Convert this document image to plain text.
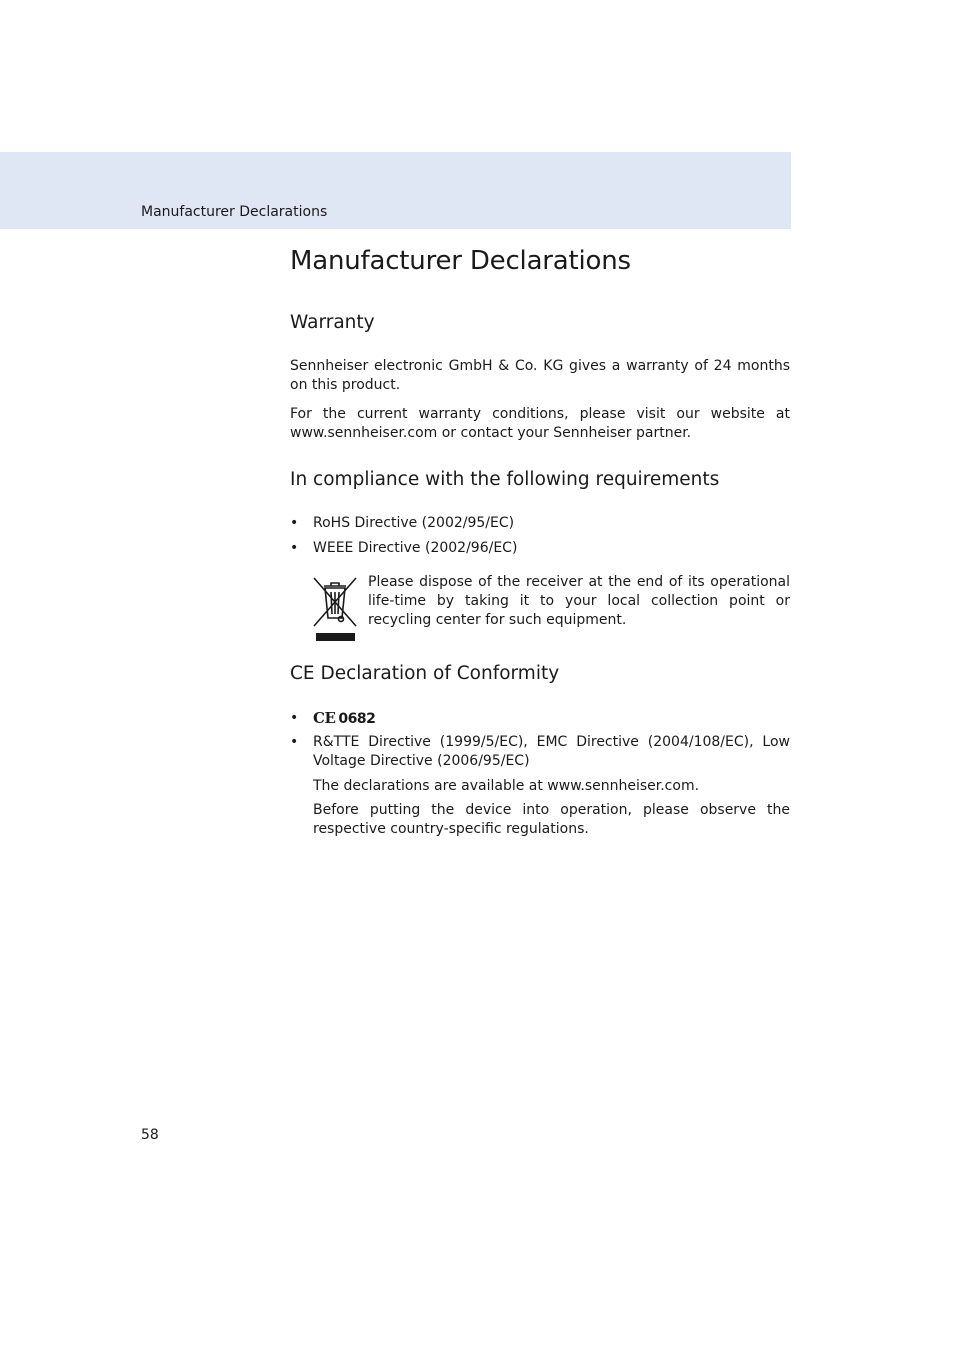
Manufacturer Declarations
Manufacturer Declarations
Warranty
Sennheiser electronic GmbH & Co. KG gives a warranty of 24 months on this product.
For the current warranty conditions, please visit our website at www.sennheiser.com or contact your Sennheiser partner.
In compliance with the following requirements
• RoHS Directive (2002/95/EC)
• WEEE Directive (2002/96/EC)
Please dispose of the receiver at the end of its operational life-time by taking it to your local collection point or recycling center for such equipment.
CE Declaration of Conformity
• CE 0682
• R&TTE Directive (1999/5/EC), EMC Directive (2004/108/EC), Low Voltage Directive (2006/95/EC)
The declarations are available at www.sennheiser.com.
Before putting the device into operation, please observe the respective country-specific regulations.
58
